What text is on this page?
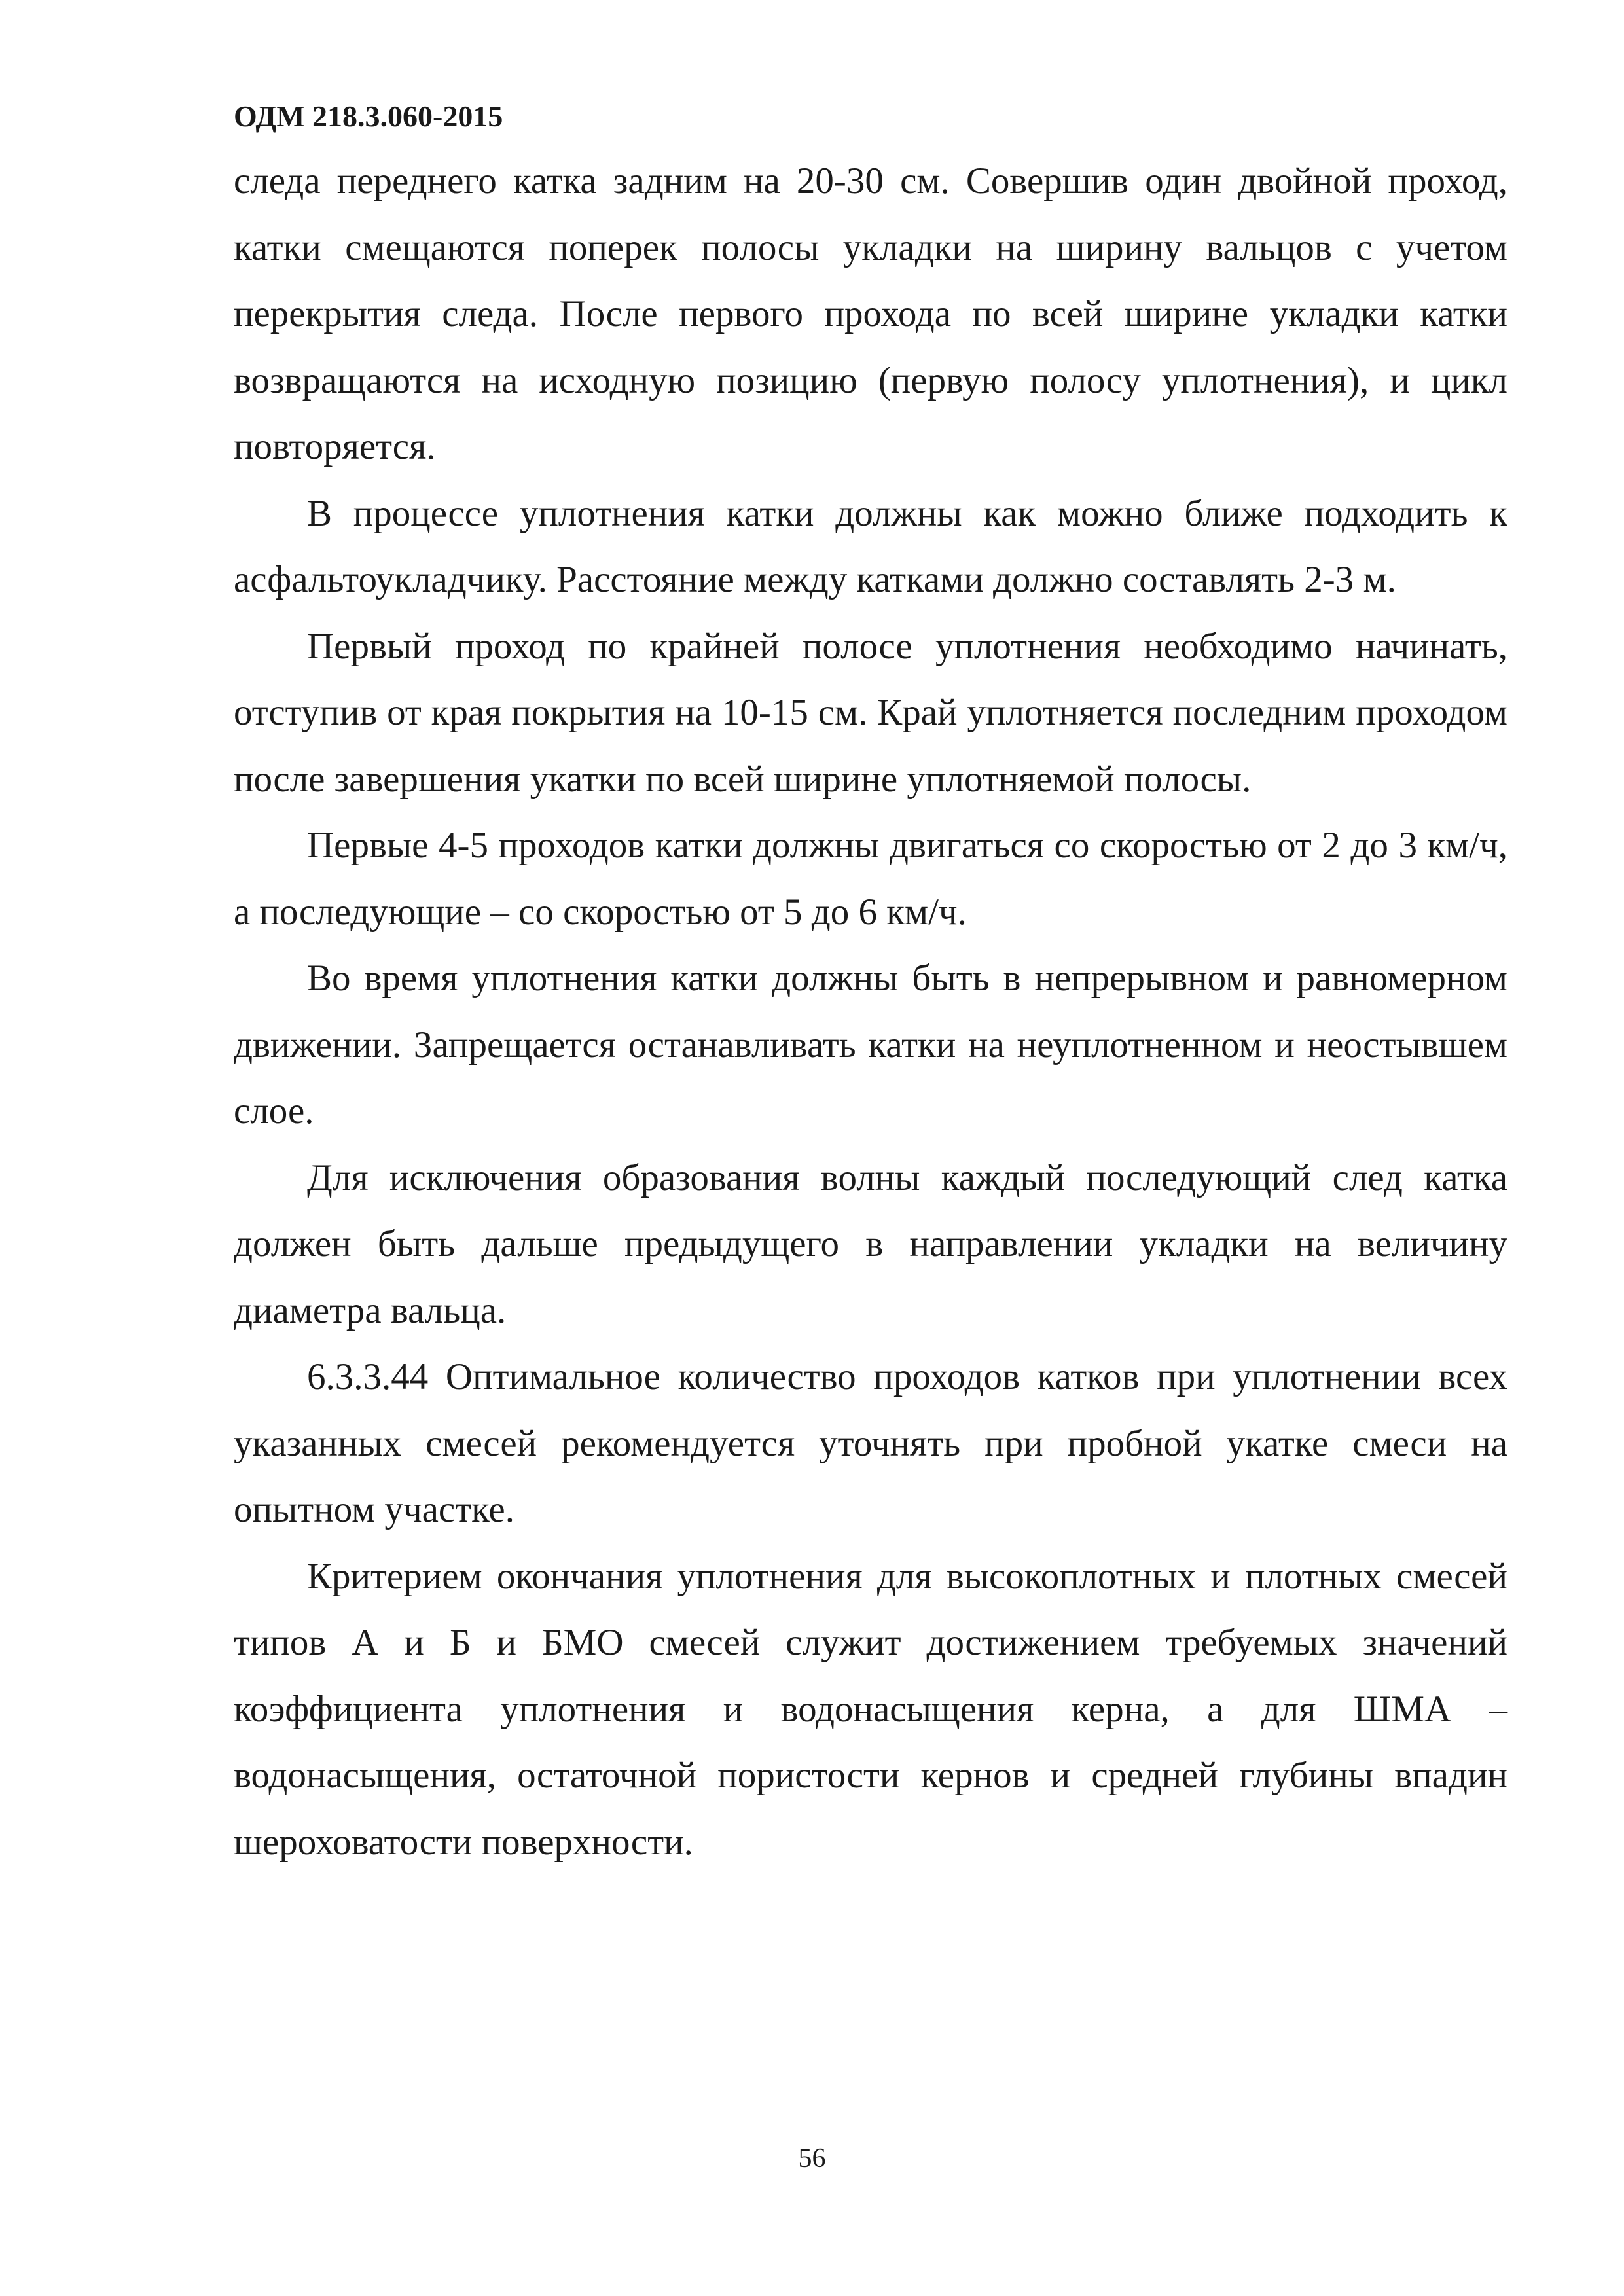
ОДМ 218.3.060-2015

следа переднего катка задним на 20-30 см. Совершив один двойной проход, катки смещаются поперек полосы укладки на ширину вальцов с учетом перекрытия следа. После первого прохода по всей ширине укладки катки возвращаются на исходную позицию (первую полосу уплотнения), и цикл повторяется.

В процессе уплотнения катки должны как можно ближе подходить к асфальтоукладчику. Расстояние между катками должно составлять 2-3 м.

Первый проход по крайней полосе уплотнения необходимо начинать, отступив от края покрытия на 10-15 см. Край уплотняется последним проходом после завершения укатки по всей ширине уплотняемой полосы.

Первые 4-5 проходов катки должны двигаться со скоростью от 2 до 3 км/ч, а последующие – со скоростью от 5 до 6 км/ч.

Во время уплотнения катки должны быть в непрерывном и равномерном движении. Запрещается останавливать катки на неуплотненном и неостывшем слое.

Для исключения образования волны каждый последующий след катка должен быть дальше предыдущего в направлении укладки на величину диаметра вальца.

6.3.3.44 Оптимальное количество проходов катков при уплотнении всех указанных смесей рекомендуется уточнять при пробной укатке смеси на опытном участке.

Критерием окончания уплотнения для высокоплотных и плотных смесей типов А и Б и БМО смесей служит достижением требуемых значений коэффициента уплотнения и водонасыщения керна, а для ШМА – водонасыщения, остаточной пористости кернов и средней глубины впадин шероховатости поверхности.

56
